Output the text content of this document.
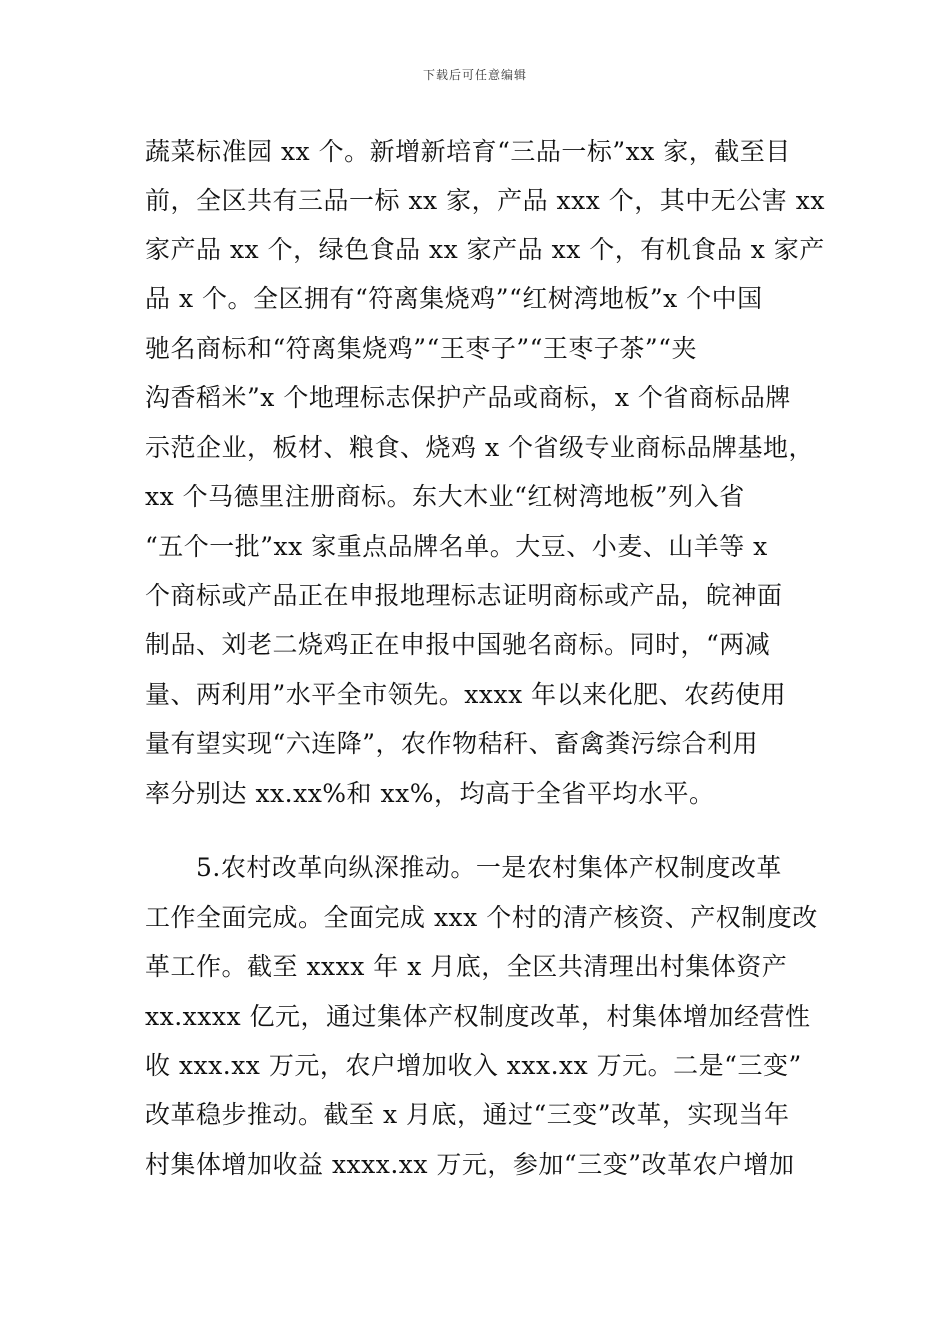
下载后可任意编辑
蔬菜标准园 xx 个。新增新培育“三品一标”xx 家，截至目
前，全区共有三品一标 xx 家，产品 xxx 个，其中无公害 xx
家产品 xx 个，绿色食品 xx 家产品 xx 个，有机食品 x 家产
品 x 个。全区拥有“符离集烧鸡”“红树湾地板”x 个中国
驰名商标和“符离集烧鸡”“王枣子”“王枣子茶”“夹
沟香稻米”x 个地理标志保护产品或商标，x 个省商标品牌
示范企业，板材、粮食、烧鸡 x 个省级专业商标品牌基地，
xx 个马德里注册商标。东大木业“红树湾地板”列入省
“五个一批”xx 家重点品牌名单。大豆、小麦、山羊等 x
个商标或产品正在申报地理标志证明商标或产品，皖神面
制品、刘老二烧鸡正在申报中国驰名商标。同时，“两减
量、两利用”水平全市领先。xxxx 年以来化肥、农药使用
量有望实现“六连降”，农作物秸秆、畜禽粪污综合利用
率分别达 xx.xx%和 xx%，均高于全省平均水平。
5.农村改革向纵深推动。一是农村集体产权制度改革
工作全面完成。全面完成 xxx 个村的清产核资、产权制度改
革工作。截至 xxxx 年 x 月底，全区共清理出村集体资产
xx.xxxx 亿元，通过集体产权制度改革，村集体增加经营性
收 xxx.xx 万元，农户增加收入 xxx.xx 万元。二是“三变”
改革稳步推动。截至 x 月底，通过“三变”改革，实现当年
村集体增加收益 xxxx.xx 万元，参加“三变”改革农户增加
